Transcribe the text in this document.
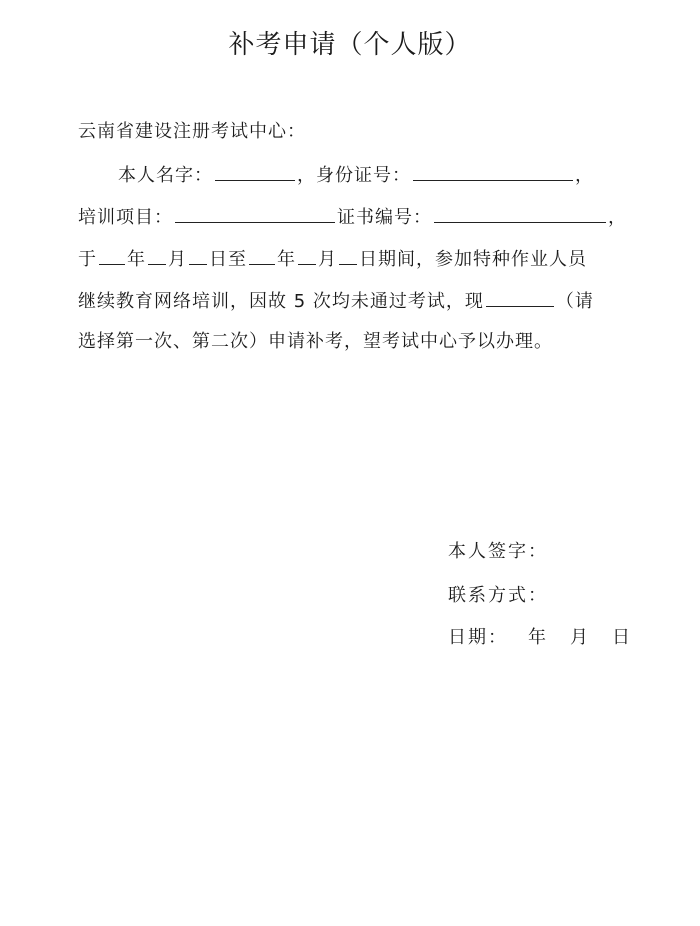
补考申请（个人版）
云南省建设注册考试中心：
本人名字：	，身份证号：	，
培训项目：	证书编号：	，
于 年 月 日至 年 月 日期间，参加特种作业人员
继续教育网络培训，因故 5 次均未通过考试，现	（请
选择第一次、第二次）申请补考，望考试中心予以办理。
本人签字：
联系方式：
日期： 年 月 日
